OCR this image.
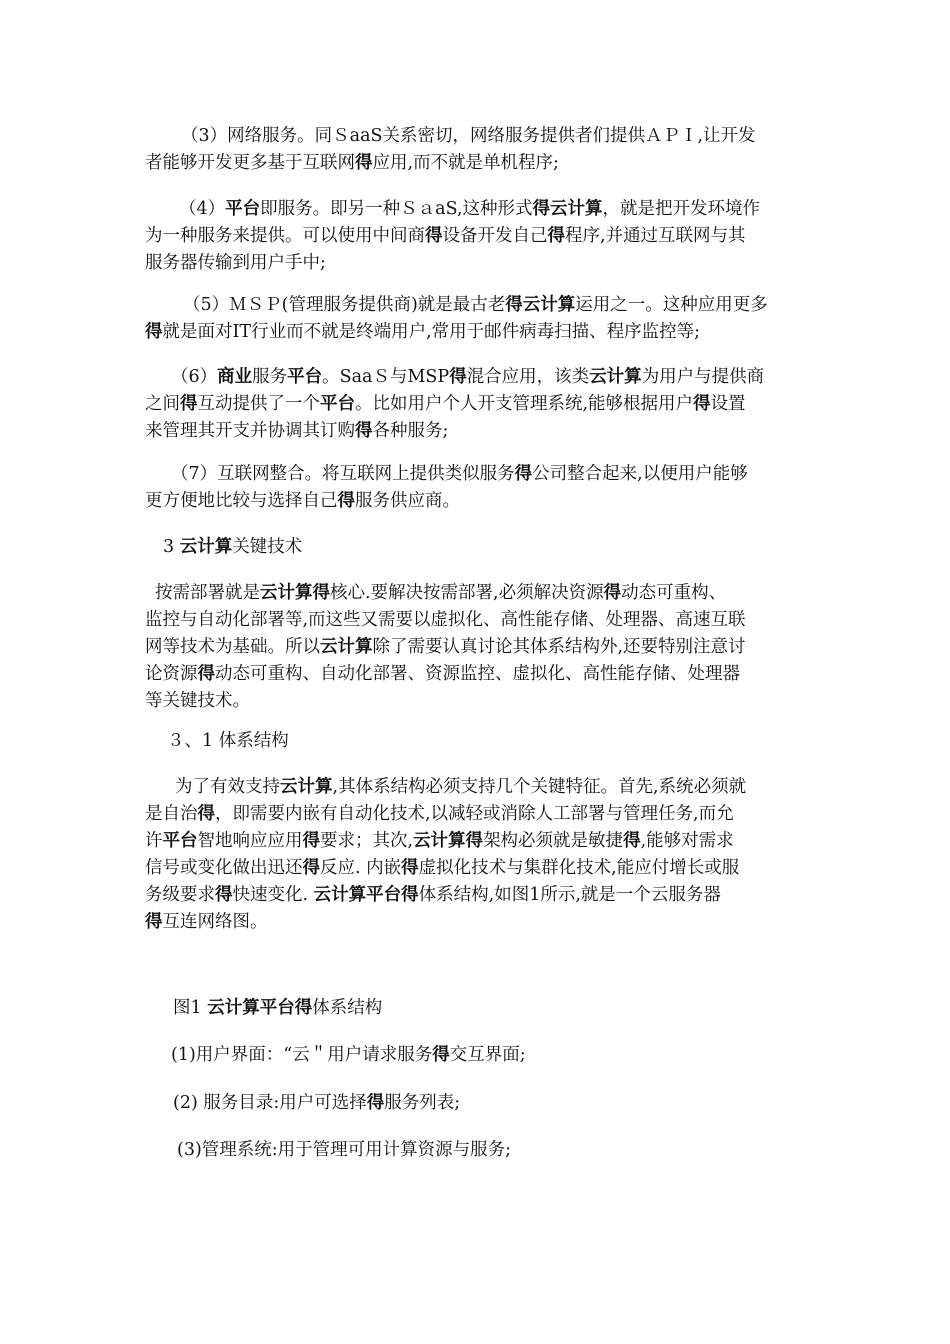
（3）网络服务。同ＳaaS关系密切，网络服务提供者们提供ＡＰＩ,让开发
者能够开发更多基于互联网得应用,而不就是单机程序;

（4）平台即服务。即另一种ＳａaS,这种形式得云计算，就是把开发环境作
为一种服务来提供。可以使用中间商得设备开发自己得程序,并通过互联网与其
服务器传输到用户手中;

（5）ＭＳＰ(管理服务提供商)就是最古老得云计算运用之一。这种应用更多
得就是面对IT行业而不就是终端用户,常用于邮件病毒扫描、程序监控等;

（6）商业服务平台。SaaＳ与MSP得混合应用，该类云计算为用户与提供商
之间得互动提供了一个平台。比如用户个人开支管理系统,能够根据用户得设置
来管理其开支并协调其订购得各种服务;

（7）互联网整合。将互联网上提供类似服务得公司整合起来,以便用户能够
更方便地比较与选择自己得服务供应商。

3 云计算关键技术

按需部署就是云计算得核心.要解决按需部署,必须解决资源得动态可重构、
监控与自动化部署等,而这些又需要以虚拟化、高性能存储、处理器、高速互联
网等技术为基础。所以云计算除了需要认真讨论其体系结构外,还要特别注意讨
论资源得动态可重构、自动化部署、资源监控、虚拟化、高性能存储、处理器
等关键技术。

３、1 体系结构

为了有效支持云计算,其体系结构必须支持几个关键特征。首先,系统必须就
是自治得，即需要内嵌有自动化技术,以减轻或消除人工部署与管理任务,而允
许平台智地响应应用得要求；其次,云计算得架构必须就是敏捷得,能够对需求
信号或变化做出迅还得反应. 内嵌得虚拟化技术与集群化技术,能应付增长或服
务级要求得快速变化. 云计算平台得体系结构,如图1所示,就是一个云服务器
得互连网络图。

图1 云计算平台得体系结构

(1)用户界面：“云＂用户请求服务得交互界面;

(2) 服务目录:用户可选择得服务列表;

(3)管理系统:用于管理可用计算资源与服务;
